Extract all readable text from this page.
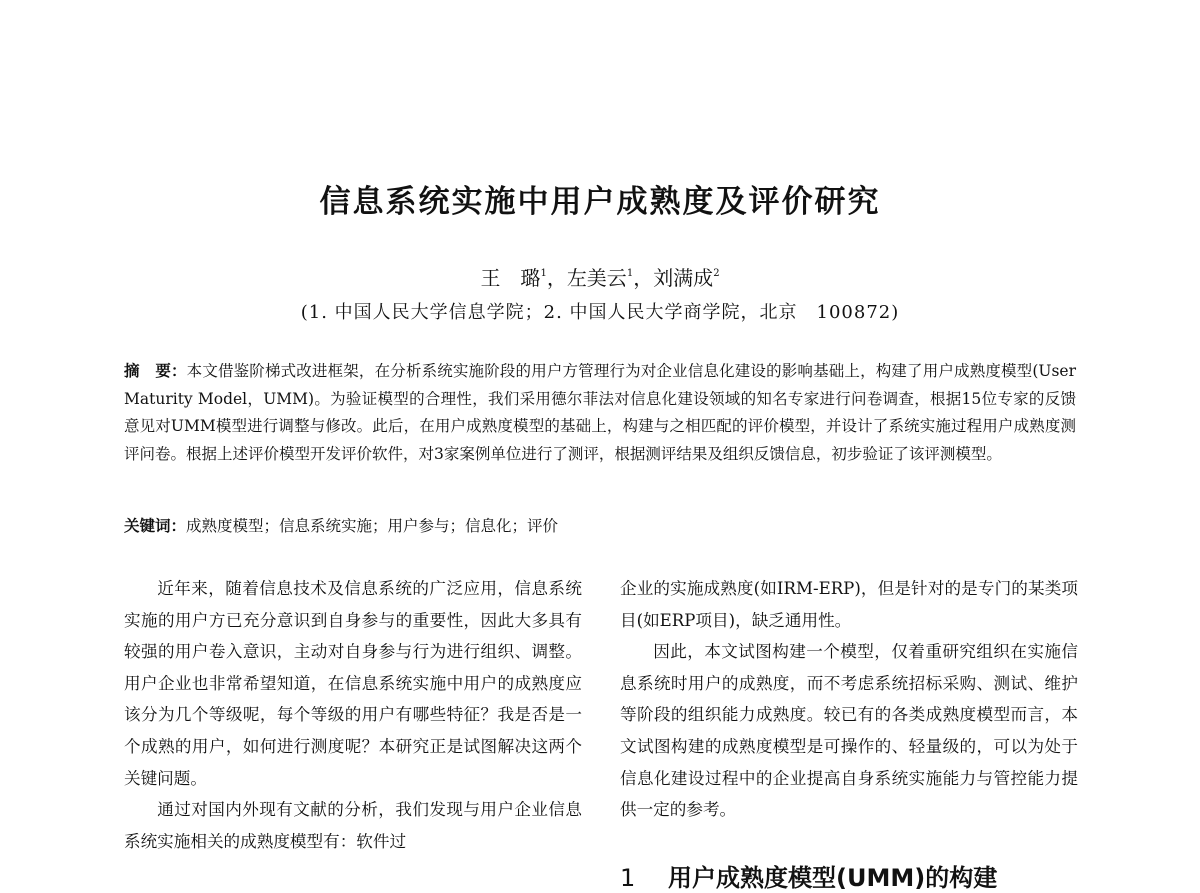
信息系统实施中用户成熟度及评价研究
王　璐$^1$，左美云$^1$，刘满成$^2$
(1. 中国人民大学信息学院；2. 中国人民大学商学院，北京　100872)
摘　要：本文借鉴阶梯式改进框架，在分析系统实施阶段的用户方管理行为对企业信息化建设的影响基础上，构建了用户成熟度模型(User Maturity Model，UMM)。为验证模型的合理性，我们采用德尔菲法对信息化建设领域的知名专家进行问卷调查，根据15位专家的反馈意见对UMM模型进行调整与修改。此后，在用户成熟度模型的基础上，构建与之相匹配的评价模型，并设计了系统实施过程用户成熟度测评问卷。根据上述评价模型开发评价软件，对3家案例单位进行了测评，根据测评结果及组织反馈信息，初步验证了该评测模型。
关键词：成熟度模型；信息系统实施；用户参与；信息化；评价

近年来，随着信息技术及信息系统的广泛应用，信息系统实施的用户方已充分意识到自身参与的重要性，因此大多具有较强的用户卷入意识，主动对自身参与行为进行组织、调整。用户企业也非常希望知道，在信息系统实施中用户的成熟度应该分为几个等级呢，每个等级的用户有哪些特征？我是否是一个成熟的用户，如何进行测度呢？本研究正是试图解决这两个关键问题。

通过对国内外现有文献的分析，我们发现与用户企业信息系统实施相关的成熟度模型有：软件过

企业的实施成熟度(如IRM-ERP)，但是针对的是专门的某类项目(如ERP项目)，缺乏通用性。

因此，本文试图构建一个模型，仅着重研究组织在实施信息系统时用户的成熟度，而不考虑系统招标采购、测试、维护等阶段的组织能力成熟度。较已有的各类成熟度模型而言，本文试图构建的成熟度模型是可操作的、轻量级的，可以为处于信息化建设过程中的企业提高自身系统实施能力与管控能力提供一定的参考。

1 用户成熟度模型(UMM)的构建
